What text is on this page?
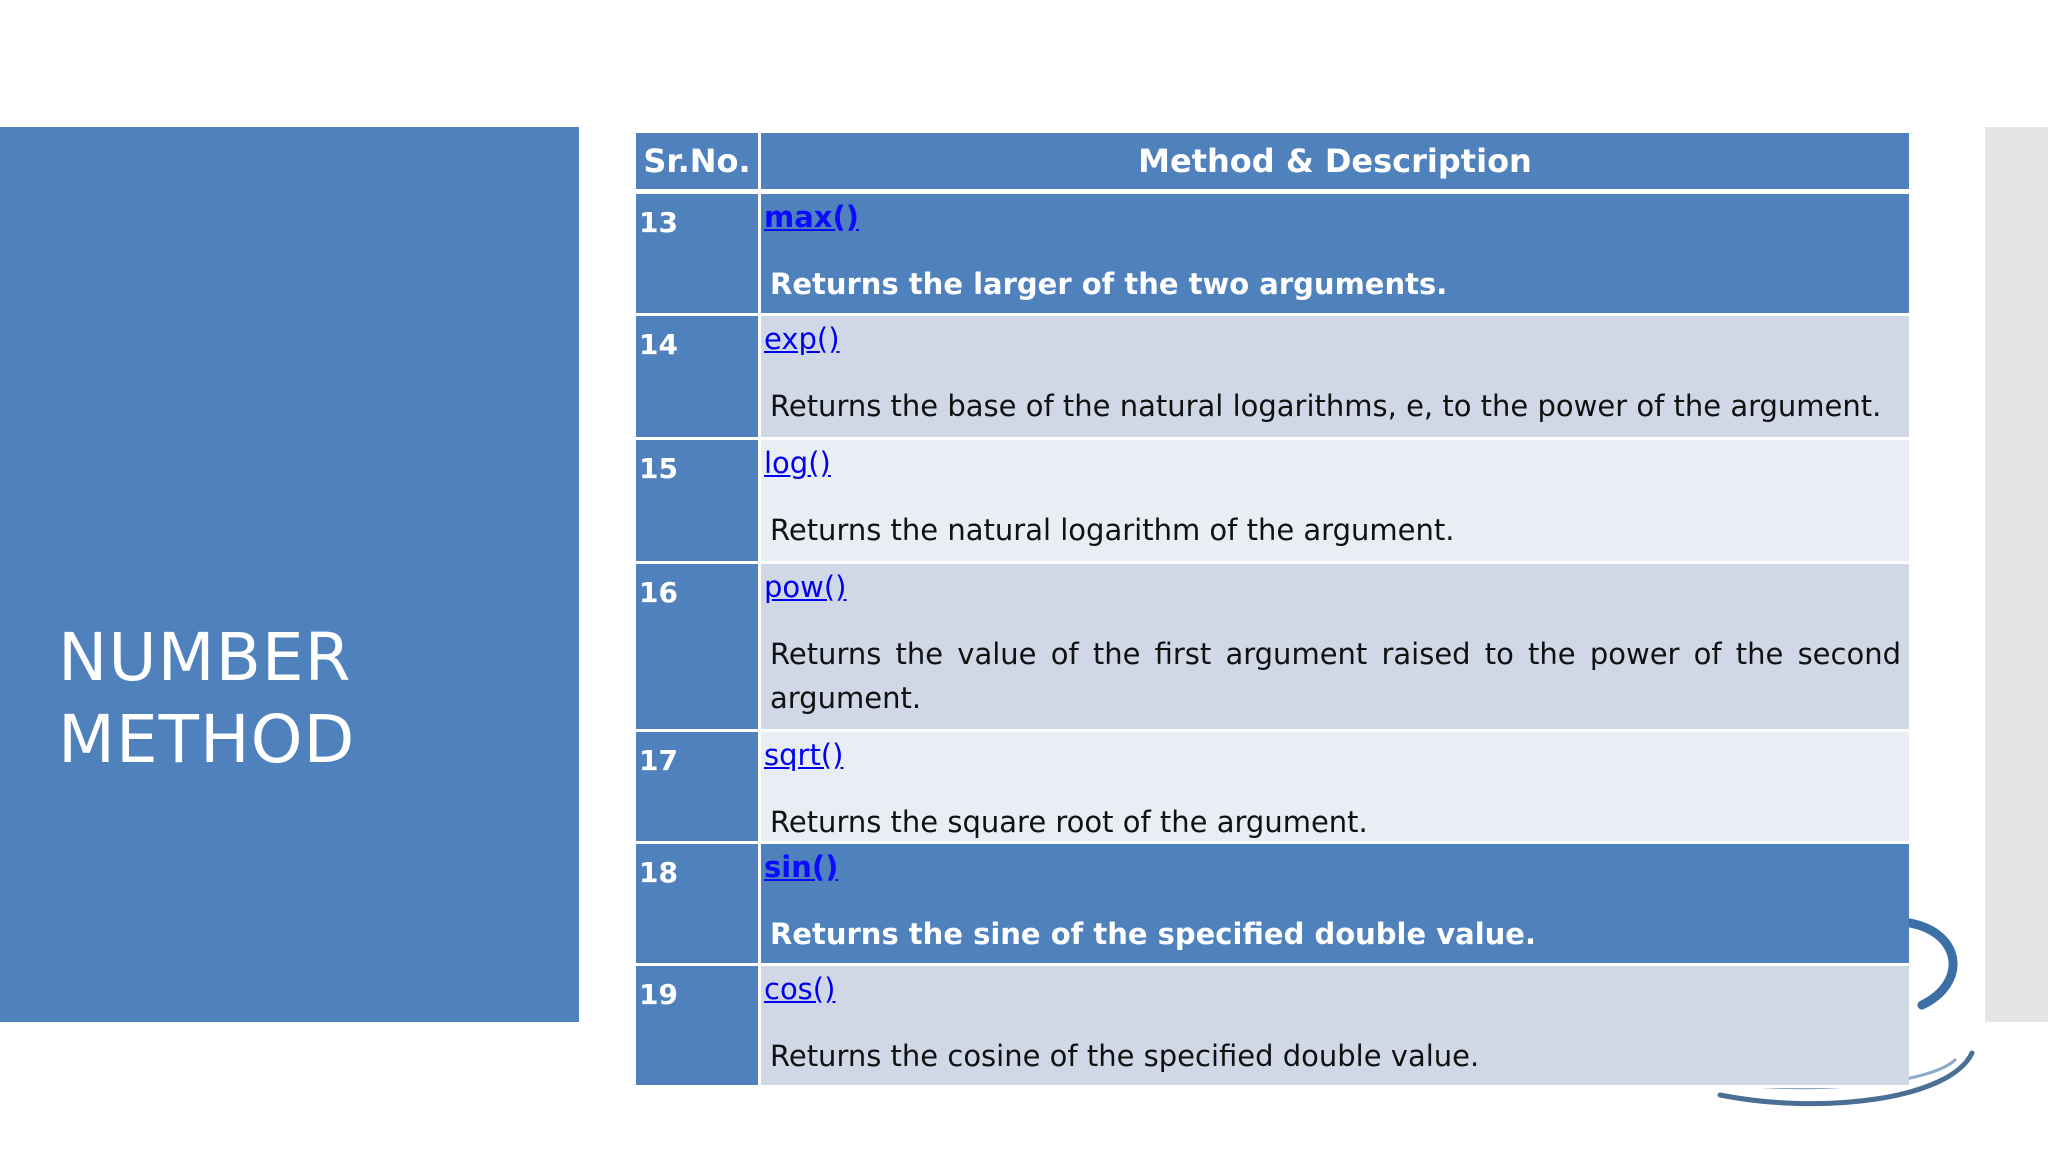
NUMBER
METHOD
Sr.No.	Method & Description
13	max()

Returns the larger of the two arguments.

14	exp()

Returns the base of the natural logarithms, e, to the power of the argument.

15	log()

Returns the natural logarithm of the argument.

16	pow()

Returns the value of the first argument raised to the power of the second argument.

17	sqrt()

Returns the square root of the argument.

18	sin()

Returns the sine of the specified double value.

19	cos()

Returns the cosine of the specified double value.
